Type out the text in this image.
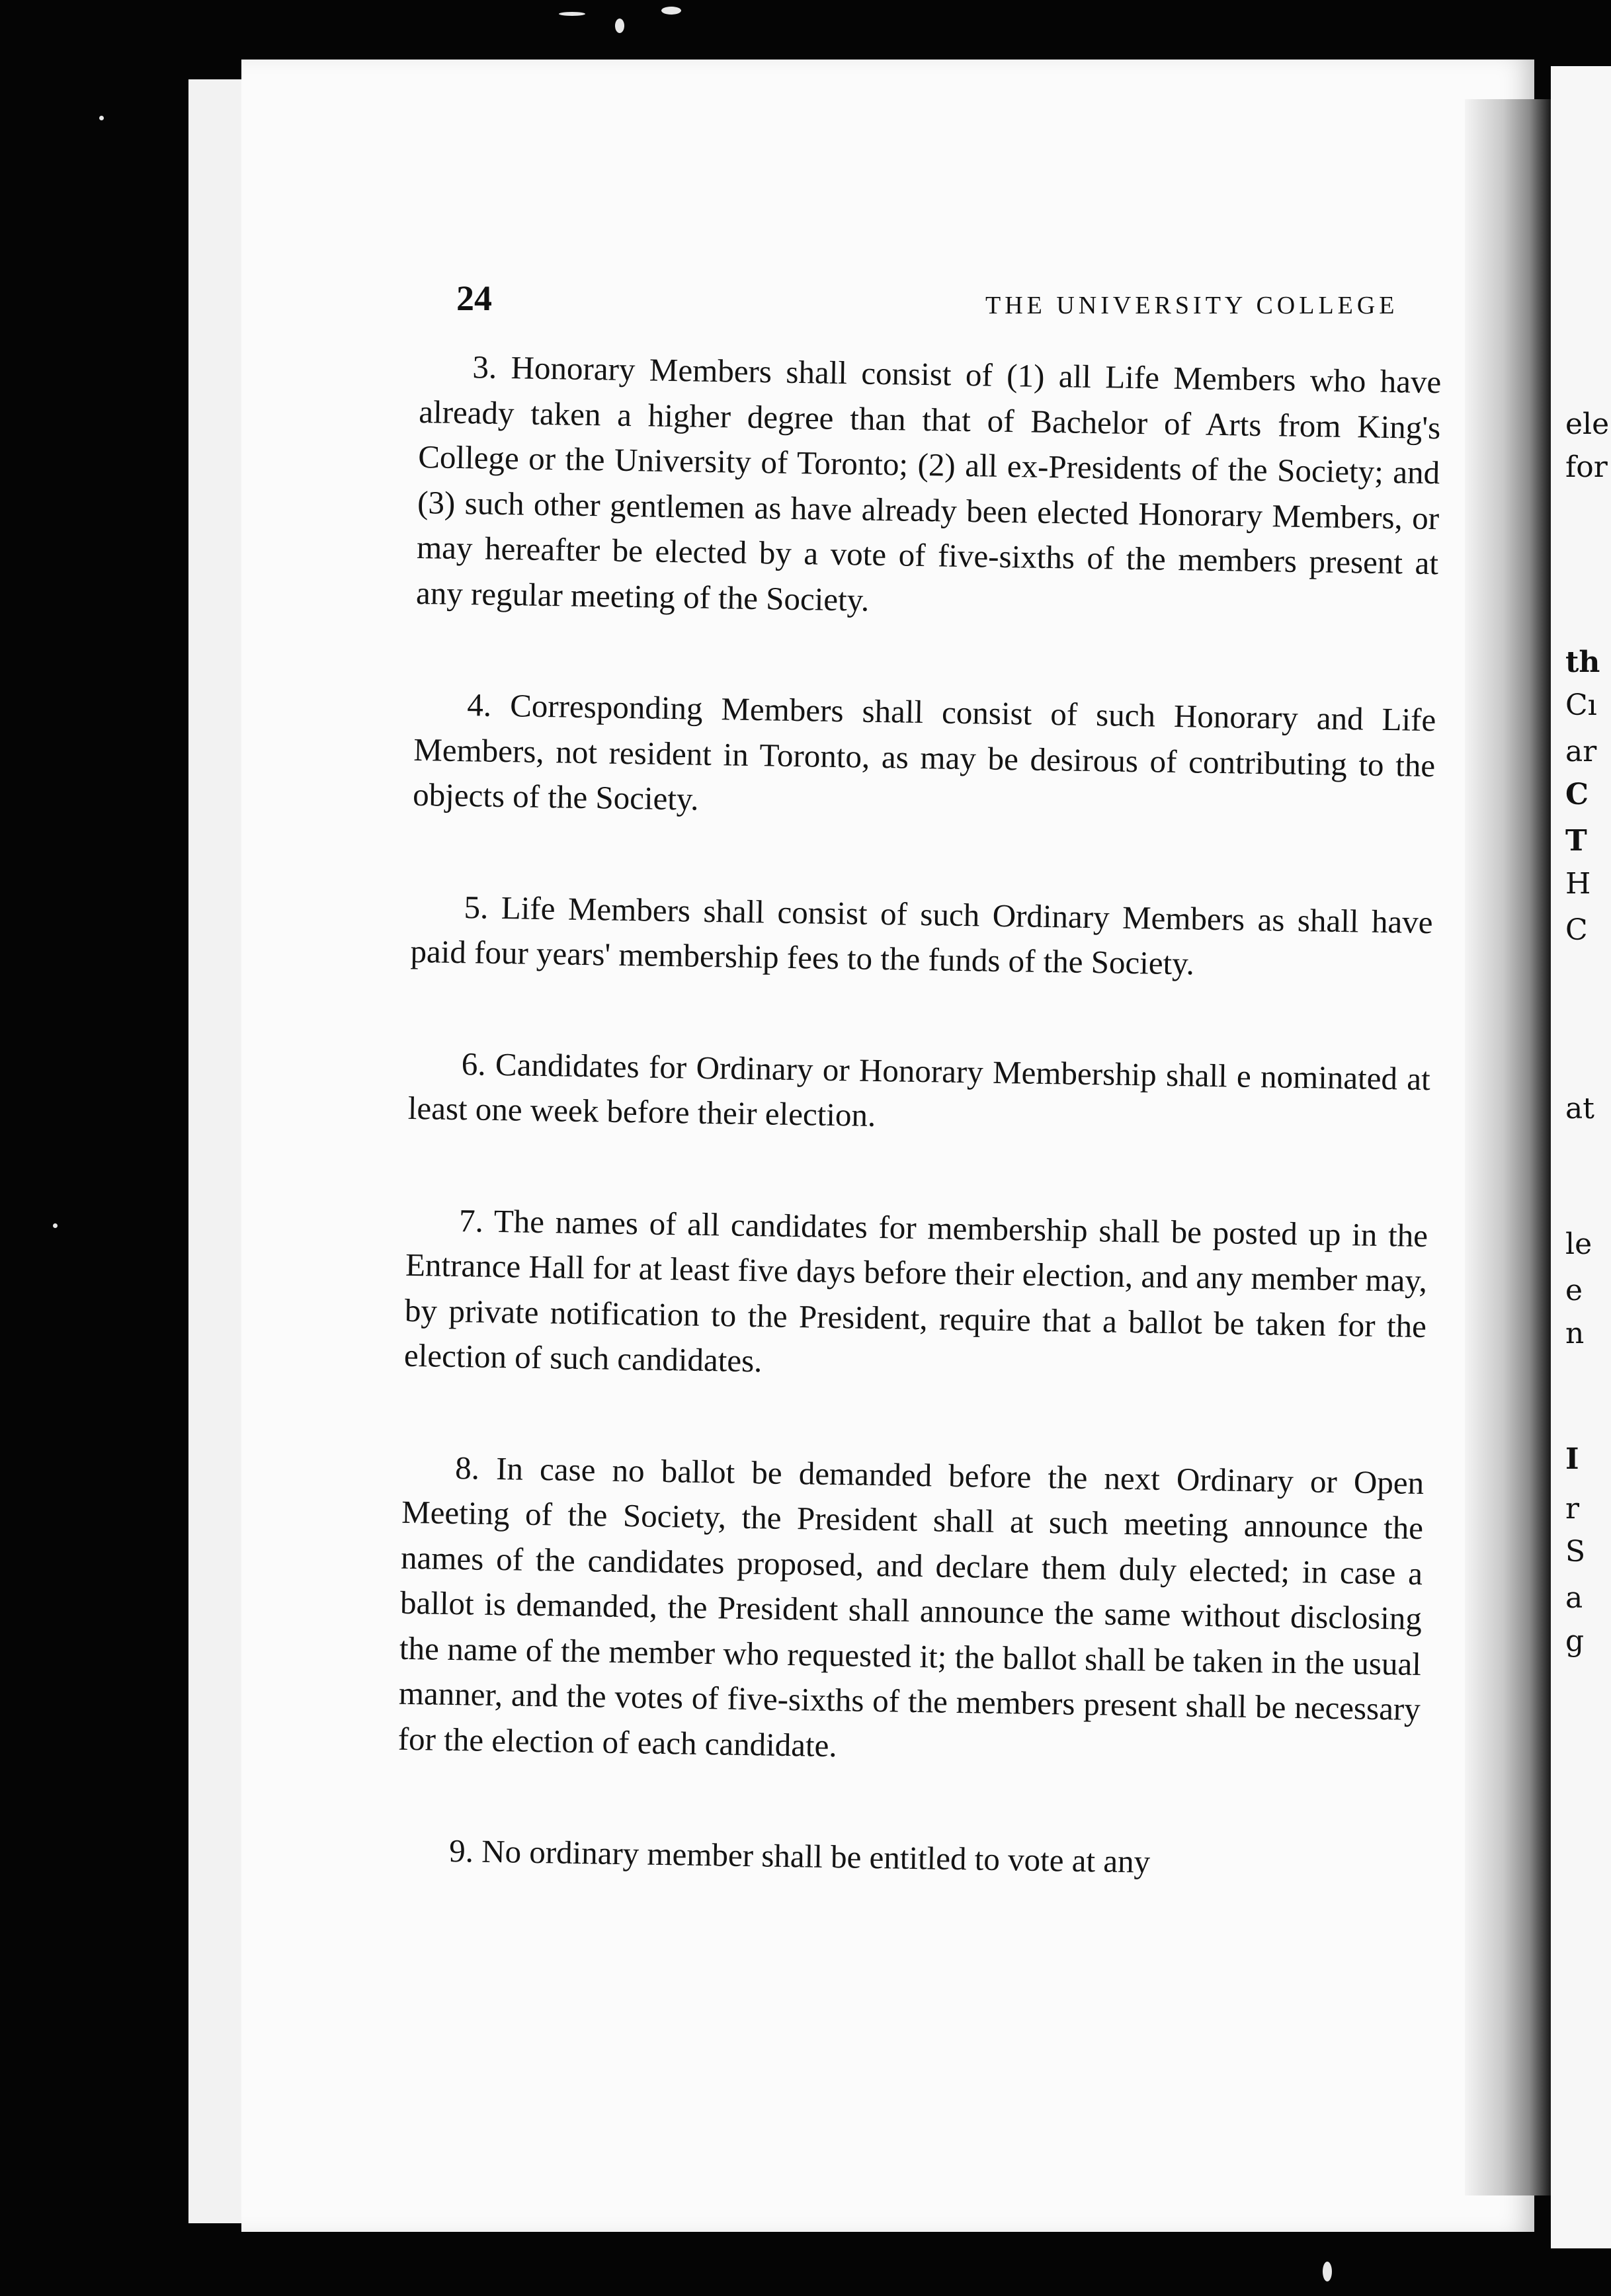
24	THE UNIVERSITY COLLEGE

3. Honorary Members shall consist of (1) all Life Members who have already taken a higher degree than that of Bachelor of Arts from King's College or the University of Toronto; (2) all ex-Presidents of the Society; and (3) such other gentlemen as have already been elected Honorary Members, or may hereafter be elected by a vote of five-sixths of the members present at any regular meeting of the Society.

4. Corresponding Members shall consist of such Honorary and Life Members, not resident in Toronto, as may be desirous of contributing to the objects of the Society.

5. Life Members shall consist of such Ordinary Members as shall have paid four years' membership fees to the funds of the Society.

6. Candidates for Ordinary or Honorary Membership shall e nominated at least one week before their election.

7. The names of all candidates for membership shall be posted up in the Entrance Hall for at least five days before their election, and any member may, by private notification to the President, require that a ballot be taken for the election of such candidates.

8. In case no ballot be demanded before the next Ordinary or Open Meeting of the Society, the President shall at such meeting announce the names of the candidates proposed, and declare them duly elected; in case a ballot is demanded, the President shall announce the same without disclosing the name of the member who requested it; the ballot shall be taken in the usual manner, and the votes of five-sixths of the members present shall be necessary for the election of each candidate.

9. No ordinary member shall be entitled to vote at any

ele
for
th
Cı
ar
C
T
H
C
at
le
e
n
I
r
S
a
g
